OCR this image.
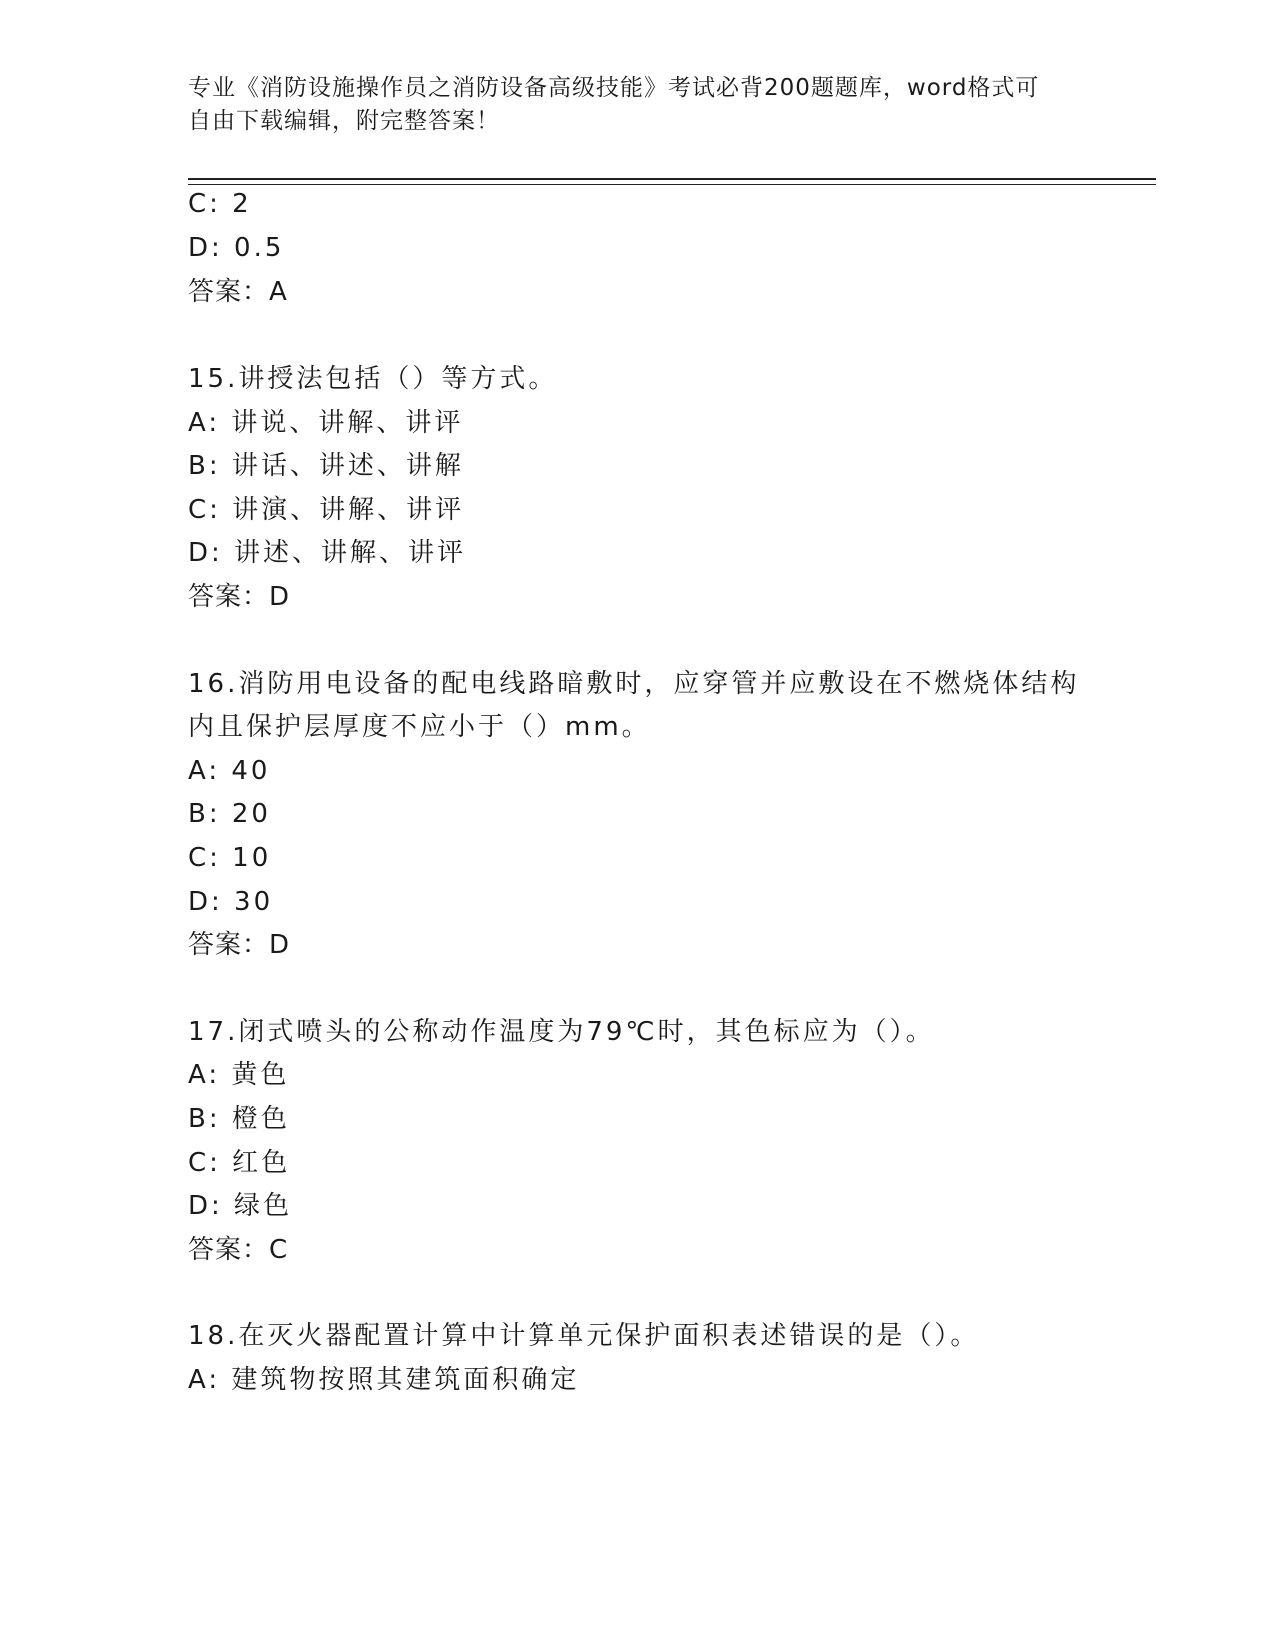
专业《消防设施操作员之消防设备高级技能》考试必背200题题库，word格式可
自由下载编辑，附完整答案！
C: 2
D: 0.5
答案：A
15.讲授法包括（）等方式。
A: 讲说、讲解、讲评
B: 讲话、讲述、讲解
C: 讲演、讲解、讲评
D: 讲述、讲解、讲评
答案：D
16.消防用电设备的配电线路暗敷时，应穿管并应敷设在不燃烧体结构
内且保护层厚度不应小于（）mm。
A: 40
B: 20
C: 10
D: 30
答案：D
17.闭式喷头的公称动作温度为79℃时，其色标应为（）。
A: 黄色
B: 橙色
C: 红色
D: 绿色
答案：C
18.在灭火器配置计算中计算单元保护面积表述错误的是（）。
A: 建筑物按照其建筑面积确定
